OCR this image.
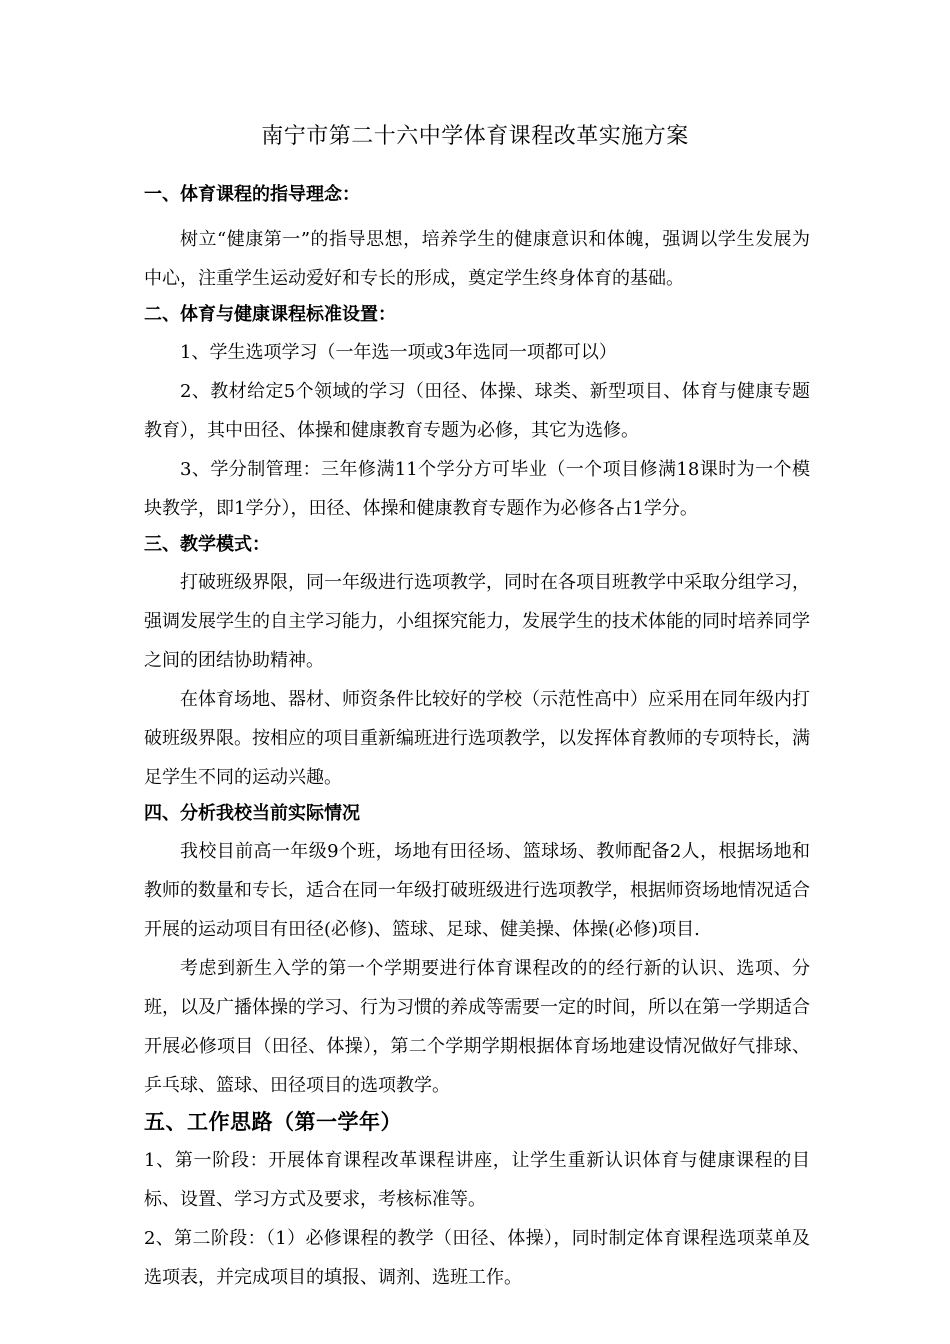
南宁市第二十六中学体育课程改革实施方案
一、体育课程的指导理念：

树立“健康第一”的指导思想，培养学生的健康意识和体魄，强调以学生发展为中心，注重学生运动爱好和专长的形成，奠定学生终身体育的基础。

二、体育与健康课程标准设置：

1、学生选项学习（一年选一项或3年选同一项都可以）

2、教材给定5个领域的学习（田径、体操、球类、新型项目、体育与健康专题教育），其中田径、体操和健康教育专题为必修，其它为选修。

3、学分制管理：三年修满11个学分方可毕业（一个项目修满18课时为一个模块教学，即1学分），田径、体操和健康教育专题作为必修各占1学分。

三、教学模式：

打破班级界限，同一年级进行选项教学，同时在各项目班教学中采取分组学习，强调发展学生的自主学习能力，小组探究能力，发展学生的技术体能的同时培养同学之间的团结协助精神。

在体育场地、器材、师资条件比较好的学校（示范性高中）应采用在同年级内打破班级界限。按相应的项目重新编班进行选项教学，以发挥体育教师的专项特长，满足学生不同的运动兴趣。

四、分析我校当前实际情况

我校目前高一年级9个班，场地有田径场、篮球场、教师配备2人，根据场地和教师的数量和专长，适合在同一年级打破班级进行选项教学，根据师资场地情况适合开展的运动项目有田径(必修)、篮球、足球、健美操、体操(必修)项目.

考虑到新生入学的第一个学期要进行体育课程改的的经行新的认识、选项、分班，以及广播体操的学习、行为习惯的养成等需要一定的时间，所以在第一学期适合开展必修项目（田径、体操），第二个学期学期根据体育场地建设情况做好气排球、乒乓球、篮球、田径项目的选项教学。

五、工作思路（第一学年）

1、第一阶段：开展体育课程改革课程讲座，让学生重新认识体育与健康课程的目标、设置、学习方式及要求，考核标准等。

2、第二阶段：（1）必修课程的教学（田径、体操），同时制定体育课程选项菜单及选项表，并完成项目的填报、调剂、选班工作。
